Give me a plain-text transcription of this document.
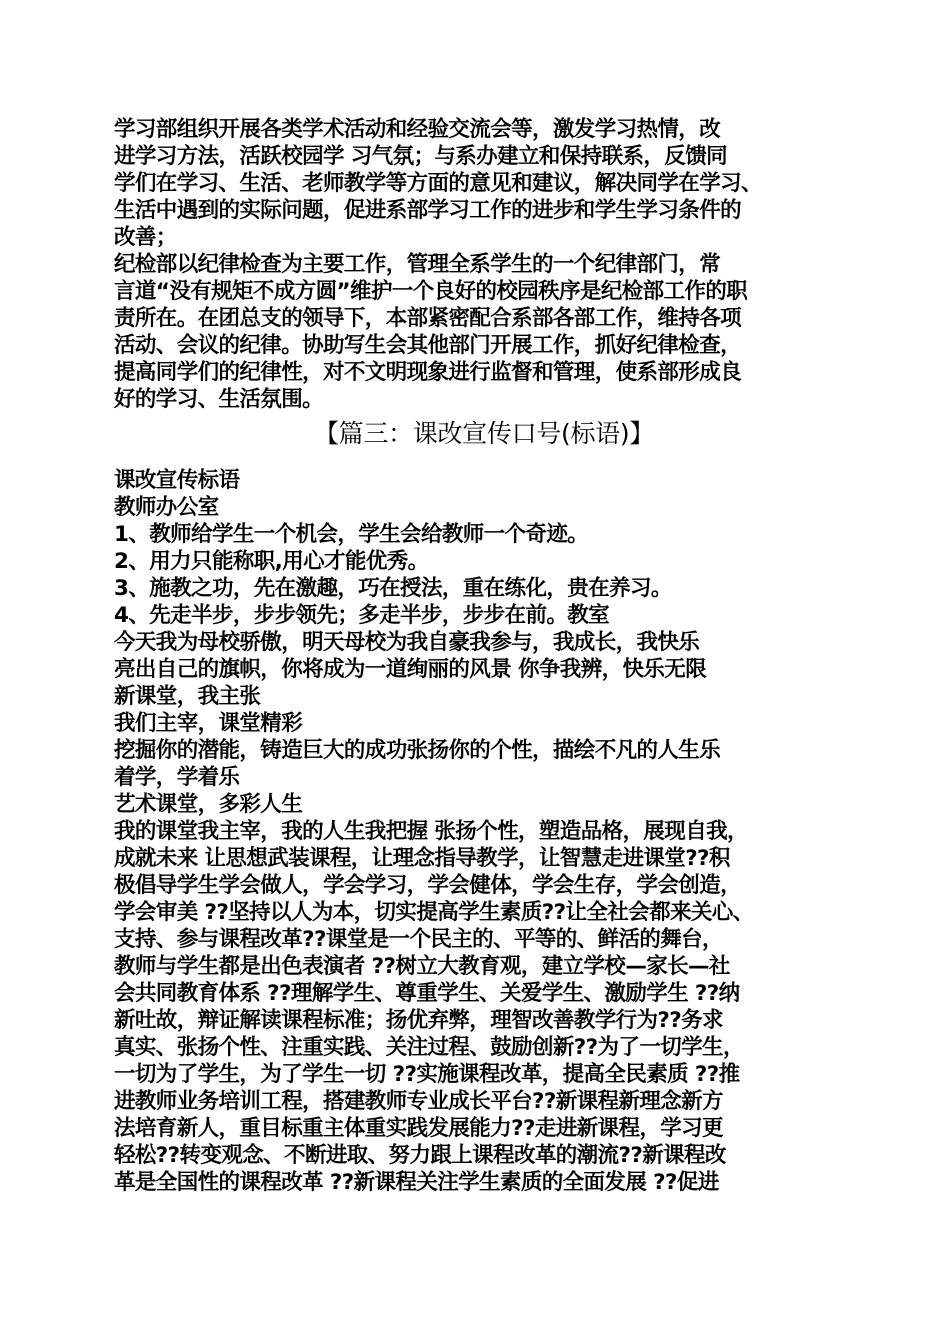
学习部组织开展各类学术活动和经验交流会等，激发学习热情，改
进学习方法，活跃校园学 习气氛；与系办建立和保持联系，反馈同
学们在学习、生活、老师教学等方面的意见和建议，解决同学在学习、
生活中遇到的实际问题，促进系部学习工作的进步和学生学习条件的
改善；
纪检部以纪律检查为主要工作，管理全系学生的一个纪律部门，常
言道“没有规矩不成方圆”维护一个良好的校园秩序是纪检部工作的职
责所在。在团总支的领导下，本部紧密配合系部各部工作，维持各项
活动、会议的纪律。协助写生会其他部门开展工作，抓好纪律检查，
提高同学们的纪律性，对不文明现象进行监督和管理，使系部形成良
好的学习、生活氛围。
【篇三：课改宣传口号(标语)】
课改宣传标语
教师办公室
1、教师给学生一个机会，学生会给教师一个奇迹。
2、用力只能称职,用心才能优秀。
3、施教之功，先在激趣，巧在授法，重在练化，贵在养习。
4、先走半步，步步领先；多走半步，步步在前。教室
今天我为母校骄傲，明天母校为我自豪我参与，我成长，我快乐
亮出自己的旗帜，你将成为一道绚丽的风景 你争我辨，快乐无限
新课堂，我主张
我们主宰，课堂精彩
挖掘你的潜能，铸造巨大的成功张扬你的个性，描绘不凡的人生乐
着学，学着乐
艺术课堂，多彩人生
我的课堂我主宰，我的人生我把握 张扬个性，塑造品格，展现自我，
成就未来 让思想武装课程，让理念指导教学，让智慧走进课堂??积
极倡导学生学会做人，学会学习，学会健体，学会生存，学会创造，
学会审美 ??坚持以人为本，切实提高学生素质??让全社会都来关心、
支持、参与课程改革??课堂是一个民主的、平等的、鲜活的舞台，
教师与学生都是出色表演者 ??树立大教育观，建立学校—家长—社
会共同教育体系 ??理解学生、尊重学生、关爱学生、激励学生 ??纳
新吐故，辩证解读课程标准；扬优弃弊，理智改善教学行为??务求
真实、张扬个性、注重实践、关注过程、鼓励创新??为了一切学生，
一切为了学生，为了学生一切 ??实施课程改革，提高全民素质 ??推
进教师业务培训工程，搭建教师专业成长平台??新课程新理念新方
法培育新人，重目标重主体重实践发展能力??走进新课程，学习更
轻松??转变观念、不断进取、努力跟上课程改革的潮流??新课程改
革是全国性的课程改革 ??新课程关注学生素质的全面发展 ??促进
